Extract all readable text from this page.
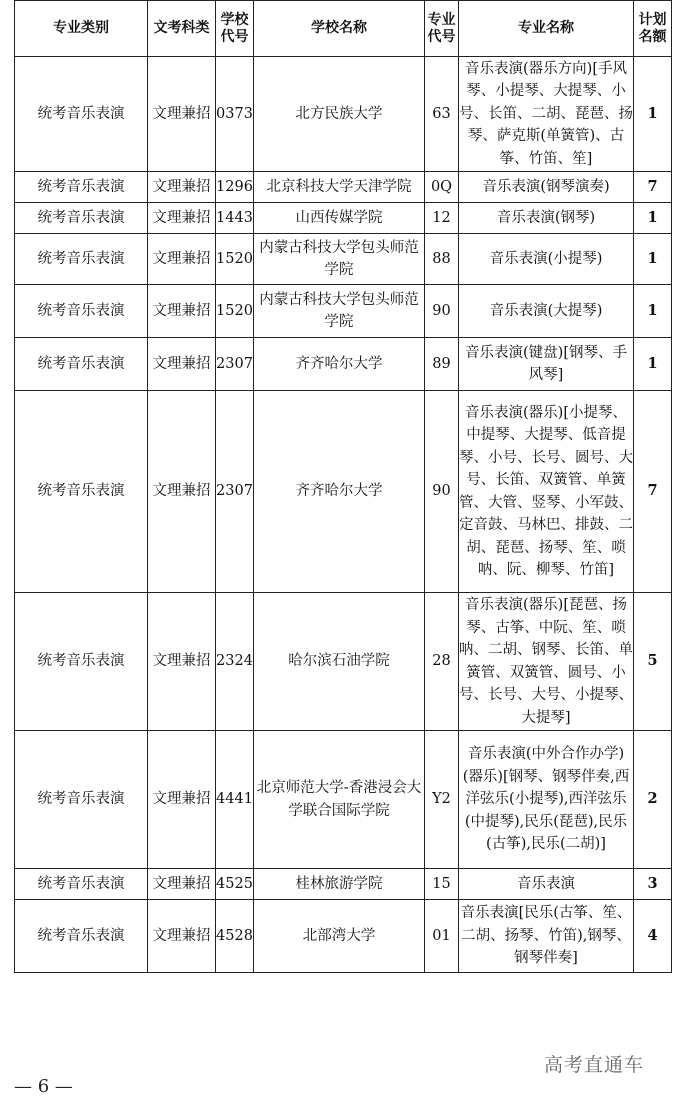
专业类别	文考科类	学校代号	学校名称	专业代号	专业名称	计划名额
统考音乐表演	文理兼招	0373	北方民族大学	63	音乐表演(器乐方向)[手风琴、小提琴、大提琴、小号、长笛、二胡、琵琶、扬琴、萨克斯(单簧管)、古筝、竹笛、笙]	1
统考音乐表演	文理兼招	1296	北京科技大学天津学院	0Q	音乐表演(钢琴演奏)	7
统考音乐表演	文理兼招	1443	山西传媒学院	12	音乐表演(钢琴)	1
统考音乐表演	文理兼招	1520	内蒙古科技大学包头师范学院	88	音乐表演(小提琴)	1
统考音乐表演	文理兼招	1520	内蒙古科技大学包头师范学院	90	音乐表演(大提琴)	1
统考音乐表演	文理兼招	2307	齐齐哈尔大学	89	音乐表演(键盘)[钢琴、手风琴]	1
统考音乐表演	文理兼招	2307	齐齐哈尔大学	90	音乐表演(器乐)[小提琴、中提琴、大提琴、低音提琴、小号、长号、圆号、大号、长笛、双簧管、单簧管、大管、竖琴、小军鼓、定音鼓、马林巴、排鼓、二胡、琵琶、扬琴、笙、唢呐、阮、柳琴、竹笛]	7
统考音乐表演	文理兼招	2324	哈尔滨石油学院	28	音乐表演(器乐)[琵琶、扬琴、古筝、中阮、笙、唢呐、二胡、钢琴、长笛、单簧管、双簧管、圆号、小号、长号、大号、小提琴、大提琴]	5
统考音乐表演	文理兼招	4441	北京师范大学-香港浸会大学联合国际学院	Y2	音乐表演(中外合作办学)(器乐)[钢琴、钢琴伴奏,西洋弦乐(小提琴),西洋弦乐(中提琴),民乐(琵琶),民乐(古筝),民乐(二胡)]	2
统考音乐表演	文理兼招	4525	桂林旅游学院	15	音乐表演	3
统考音乐表演	文理兼招	4528	北部湾大学	01	音乐表演[民乐(古筝、笙、二胡、扬琴、竹笛),钢琴、钢琴伴奏]	4
高考直通车
— 6 —
